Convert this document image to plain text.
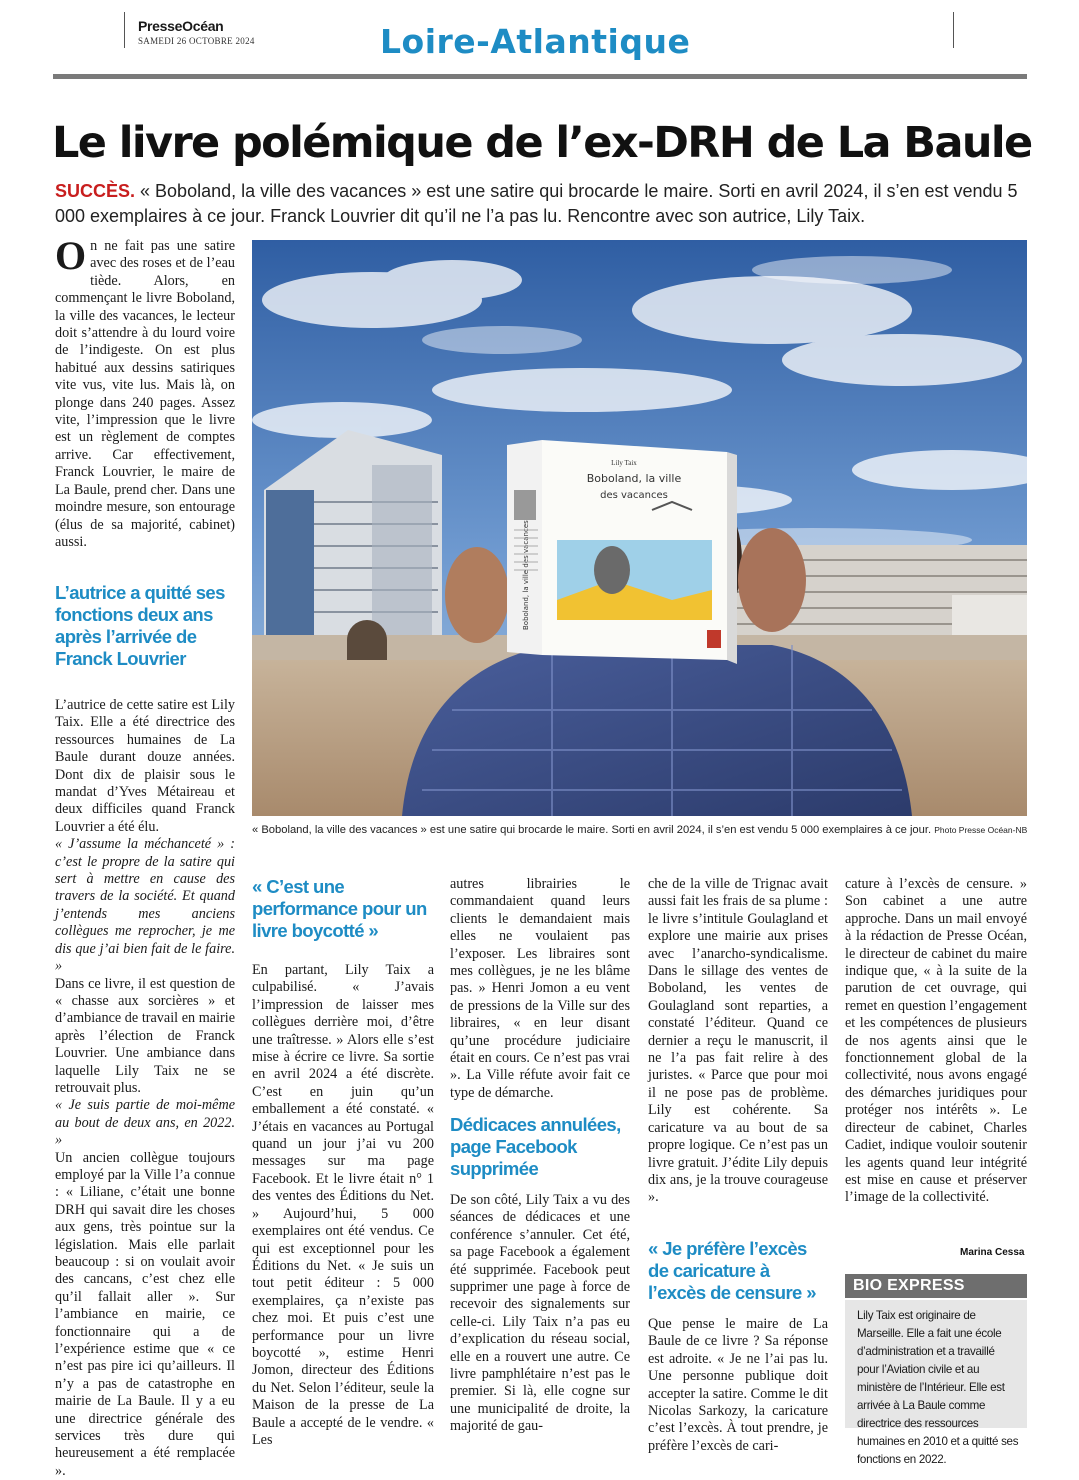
PresseOcéan
SAMEDI 26 OCTOBRE 2024	Loire-Atlantique
Le livre polémique de l’ex-DRH de La Baule
SUCCÈS. « Boboland, la ville des vacances » est une satire qui brocarde le maire. Sorti en avril 2024, il s’en est vendu 5 000 exemplaires à ce jour. Franck Louvrier dit qu’il ne l’a pas lu. Rencontre avec son autrice, Lily Taix.
Lily Taix
Boboland, la ville
des vacances
Boboland, la ville des vacances
« Boboland, la ville des vacances » est une satire qui brocarde le maire. Sorti en avril 2024, il s’en est vendu 5 000 exemplaires à ce jour. Photo Presse Océan-NB
On ne fait pas une satire avec des roses et de l’eau tiède. Alors, en commençant le livre Boboland, la ville des vacances, le lecteur doit s’attendre à du lourd voire de l’indigeste. On est plus habitué aux dessins satiriques vite vus, vite lus. Mais là, on plonge dans 240 pages. Assez vite, l’impression que le livre est un règlement de comptes arrive. Car effectivement, Franck Louvrier, le maire de La Baule, prend cher. Dans une moindre mesure, son entourage (élus de sa majorité, cabinet) aussi.
L’autrice a quitté ses fonctions deux ans après l’arrivée de Franck Louvrier

L’autrice de cette satire est Lily Taix. Elle a été directrice des ressources humaines de La Baule durant douze années. Dont dix de plaisir sous le mandat d’Yves Métaireau et deux difficiles quand Franck Louvrier a été élu.

« J’assume la méchanceté » : c’est le propre de la satire qui sert à mettre en cause des travers de la société. Et quand j’entends mes anciens collègues me reprocher, je me dis que j’ai bien fait de le faire. »

Dans ce livre, il est question de « chasse aux sorcières » et d’ambiance de travail en mairie après l’élection de Franck Louvrier. Une ambiance dans laquelle Lily Taix ne se retrouvait plus.

« Je suis partie de moi-même au bout de deux ans, en 2022. »

Un ancien collègue toujours employé par la Ville l’a connue : « Liliane, c’était une bonne DRH qui savait dire les choses aux gens, très pointue sur la législation. Mais elle parlait beaucoup : si on voulait avoir des cancans, c’est chez elle qu’il fallait aller ». Sur l’ambiance en mairie, ce fonctionnaire qui a de l’expérience estime que « ce n’est pas pire ici qu’ailleurs. Il n’y a pas de catastrophe en mairie de La Baule. Il y a eu une directrice générale des services très dure qui heureusement a été remplacée ».

« C’est une performance pour un livre boycotté »
En partant, Lily Taix a culpabilisé. « J’avais l’impression de laisser mes collègues derrière moi, d’être une traîtresse. » Alors elle s’est mise à écrire ce livre. Sa sortie en avril 2024 a été discrète. C’est en juin qu’un emballement a été constaté. « J’étais en vacances au Portugal quand un jour j’ai vu 200 messages sur ma page Facebook. Et le livre était n° 1 des ventes des Éditions du Net. » Aujourd’hui, 5 000 exemplaires ont été vendus. Ce qui est exceptionnel pour les Éditions du Net. « Je suis un tout petit éditeur : 5 000 exemplaires, ça n’existe pas chez moi. Et puis c’est une performance pour un livre boycotté », estime Henri Jomon, directeur des Éditions du Net. Selon l’éditeur, seule la Maison de la presse de La Baule a accepté de le vendre. « Les
autres librairies le commandaient quand leurs clients le demandaient mais elles ne voulaient pas l’exposer. Les libraires sont mes collègues, je ne les blâme pas. » Henri Jomon a eu vent de pressions de la Ville sur des libraires, « en leur disant qu’une procédure judiciaire était en cours. Ce n’est pas vrai ». La Ville réfute avoir fait ce type de démarche.
Dédicaces annulées, page Facebook supprimée
De son côté, Lily Taix a vu des séances de dédicaces et une conférence s’annuler. Cet été, sa page Facebook a également été supprimée. Facebook peut supprimer une page à force de recevoir des signalements sur celle-ci. Lily Taix n’a pas eu d’explication du réseau social, elle en a rouvert une autre. Ce livre pamphlétaire n’est pas le premier. Si là, elle cogne sur une municipalité de droite, la majorité de gau-
che de la ville de Trignac avait aussi fait les frais de sa plume : le livre s’intitule Goulagland et explore une mairie aux prises avec l’anarcho-syndicalisme. Dans le sillage des ventes de Boboland, les ventes de Goulagland sont reparties, a constaté l’éditeur. Quand ce dernier a reçu le manuscrit, il ne l’a pas fait relire à des juristes. « Parce que pour moi il ne pose pas de problème. Lily est cohérente. Sa caricature va au bout de sa propre logique. Ce n’est pas un livre gratuit. J’édite Lily depuis dix ans, je la trouve courageuse ».
« Je préfère l’excès de caricature à l’excès de censure »
Que pense le maire de La Baule de ce livre ? Sa réponse est adroite. « Je ne l’ai pas lu. Une personne publique doit accepter la satire. Comme le dit Nicolas Sarkozy, la caricature c’est l’excès. À tout prendre, je préfère l’excès de cari-
cature à l’excès de censure. » Son cabinet a une autre approche. Dans un mail envoyé à la rédaction de Presse Océan, le directeur de cabinet du maire indique que, « à la suite de la parution de cet ouvrage, qui remet en question l’engagement et les compétences de plusieurs de nos agents ainsi que le fonctionnement global de la collectivité, nous avons engagé des démarches juridiques pour protéger nos intérêts ». Le directeur de cabinet, Charles Cadiet, indique vouloir soutenir les agents quand leur intégrité est mise en cause et préserver l’image de la collectivité.
Marina Cessa
BIO EXPRESS
Lily Taix est originaire de Marseille. Elle a fait une école d’administration et a travaillé pour l’Aviation civile et au ministère de l’Intérieur. Elle est arrivée à La Baule comme directrice des ressources humaines en 2010 et a quitté ses fonctions en 2022.
